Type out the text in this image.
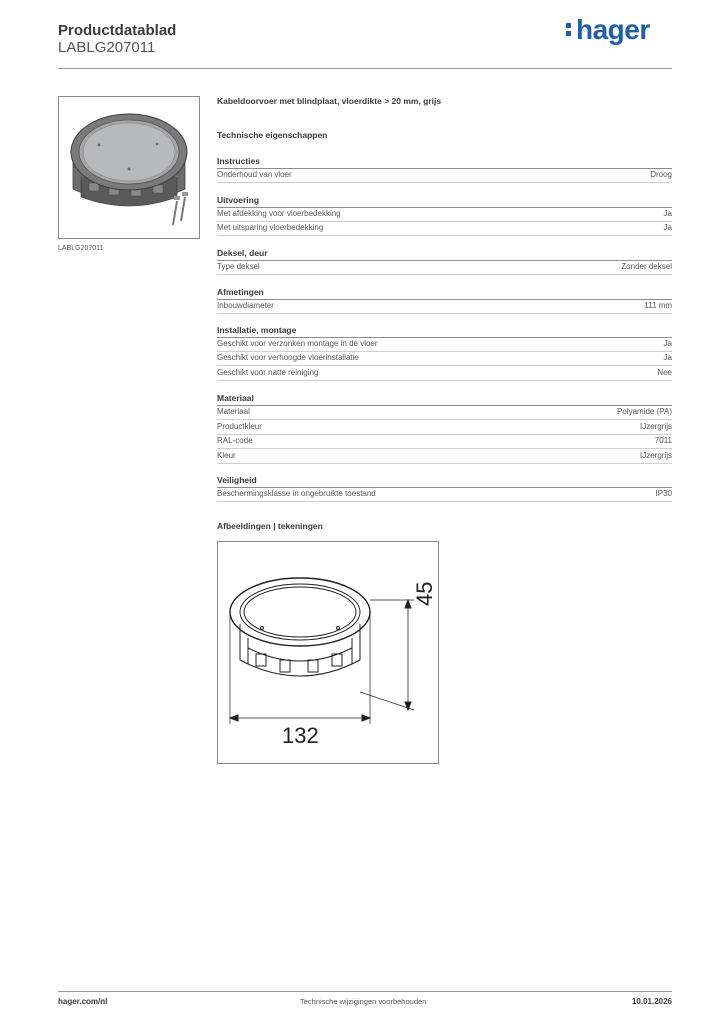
Productdatablad
LABLG207011
hager
LABLG207011
Kabeldoorvoer met blindplaat, vloerdikte > 20 mm, grijs
Technische eigenschappen
Instructies
Onderhoud van vloer	Droog
Uitvoering
Met afdekking voor vloerbedekking	Ja
Met uitsparing vloerbedekking	Ja
Deksel, deur
Type deksel	Zonder deksel
Afmetingen
Inbouwdiameter	111 mm
Installatie, montage
Geschikt voor verzonken montage in de vloer	Ja
Geschikt voor verhoogde vloerinstallatie	Ja
Geschikt voor natte reiniging	Nee
Materiaal
Materiaal	Polyamide (PA)
Productkleur	IJzergrijs
RAL-code	7011
Kleur	IJzergrijs
Veiligheid
Beschermingsklasse in ongebruikte toestand	IP30
Afbeeldingen | tekeningen
45
132
hager.com/nl	Technische wijzigingen voorbehouden	10.01.2026
